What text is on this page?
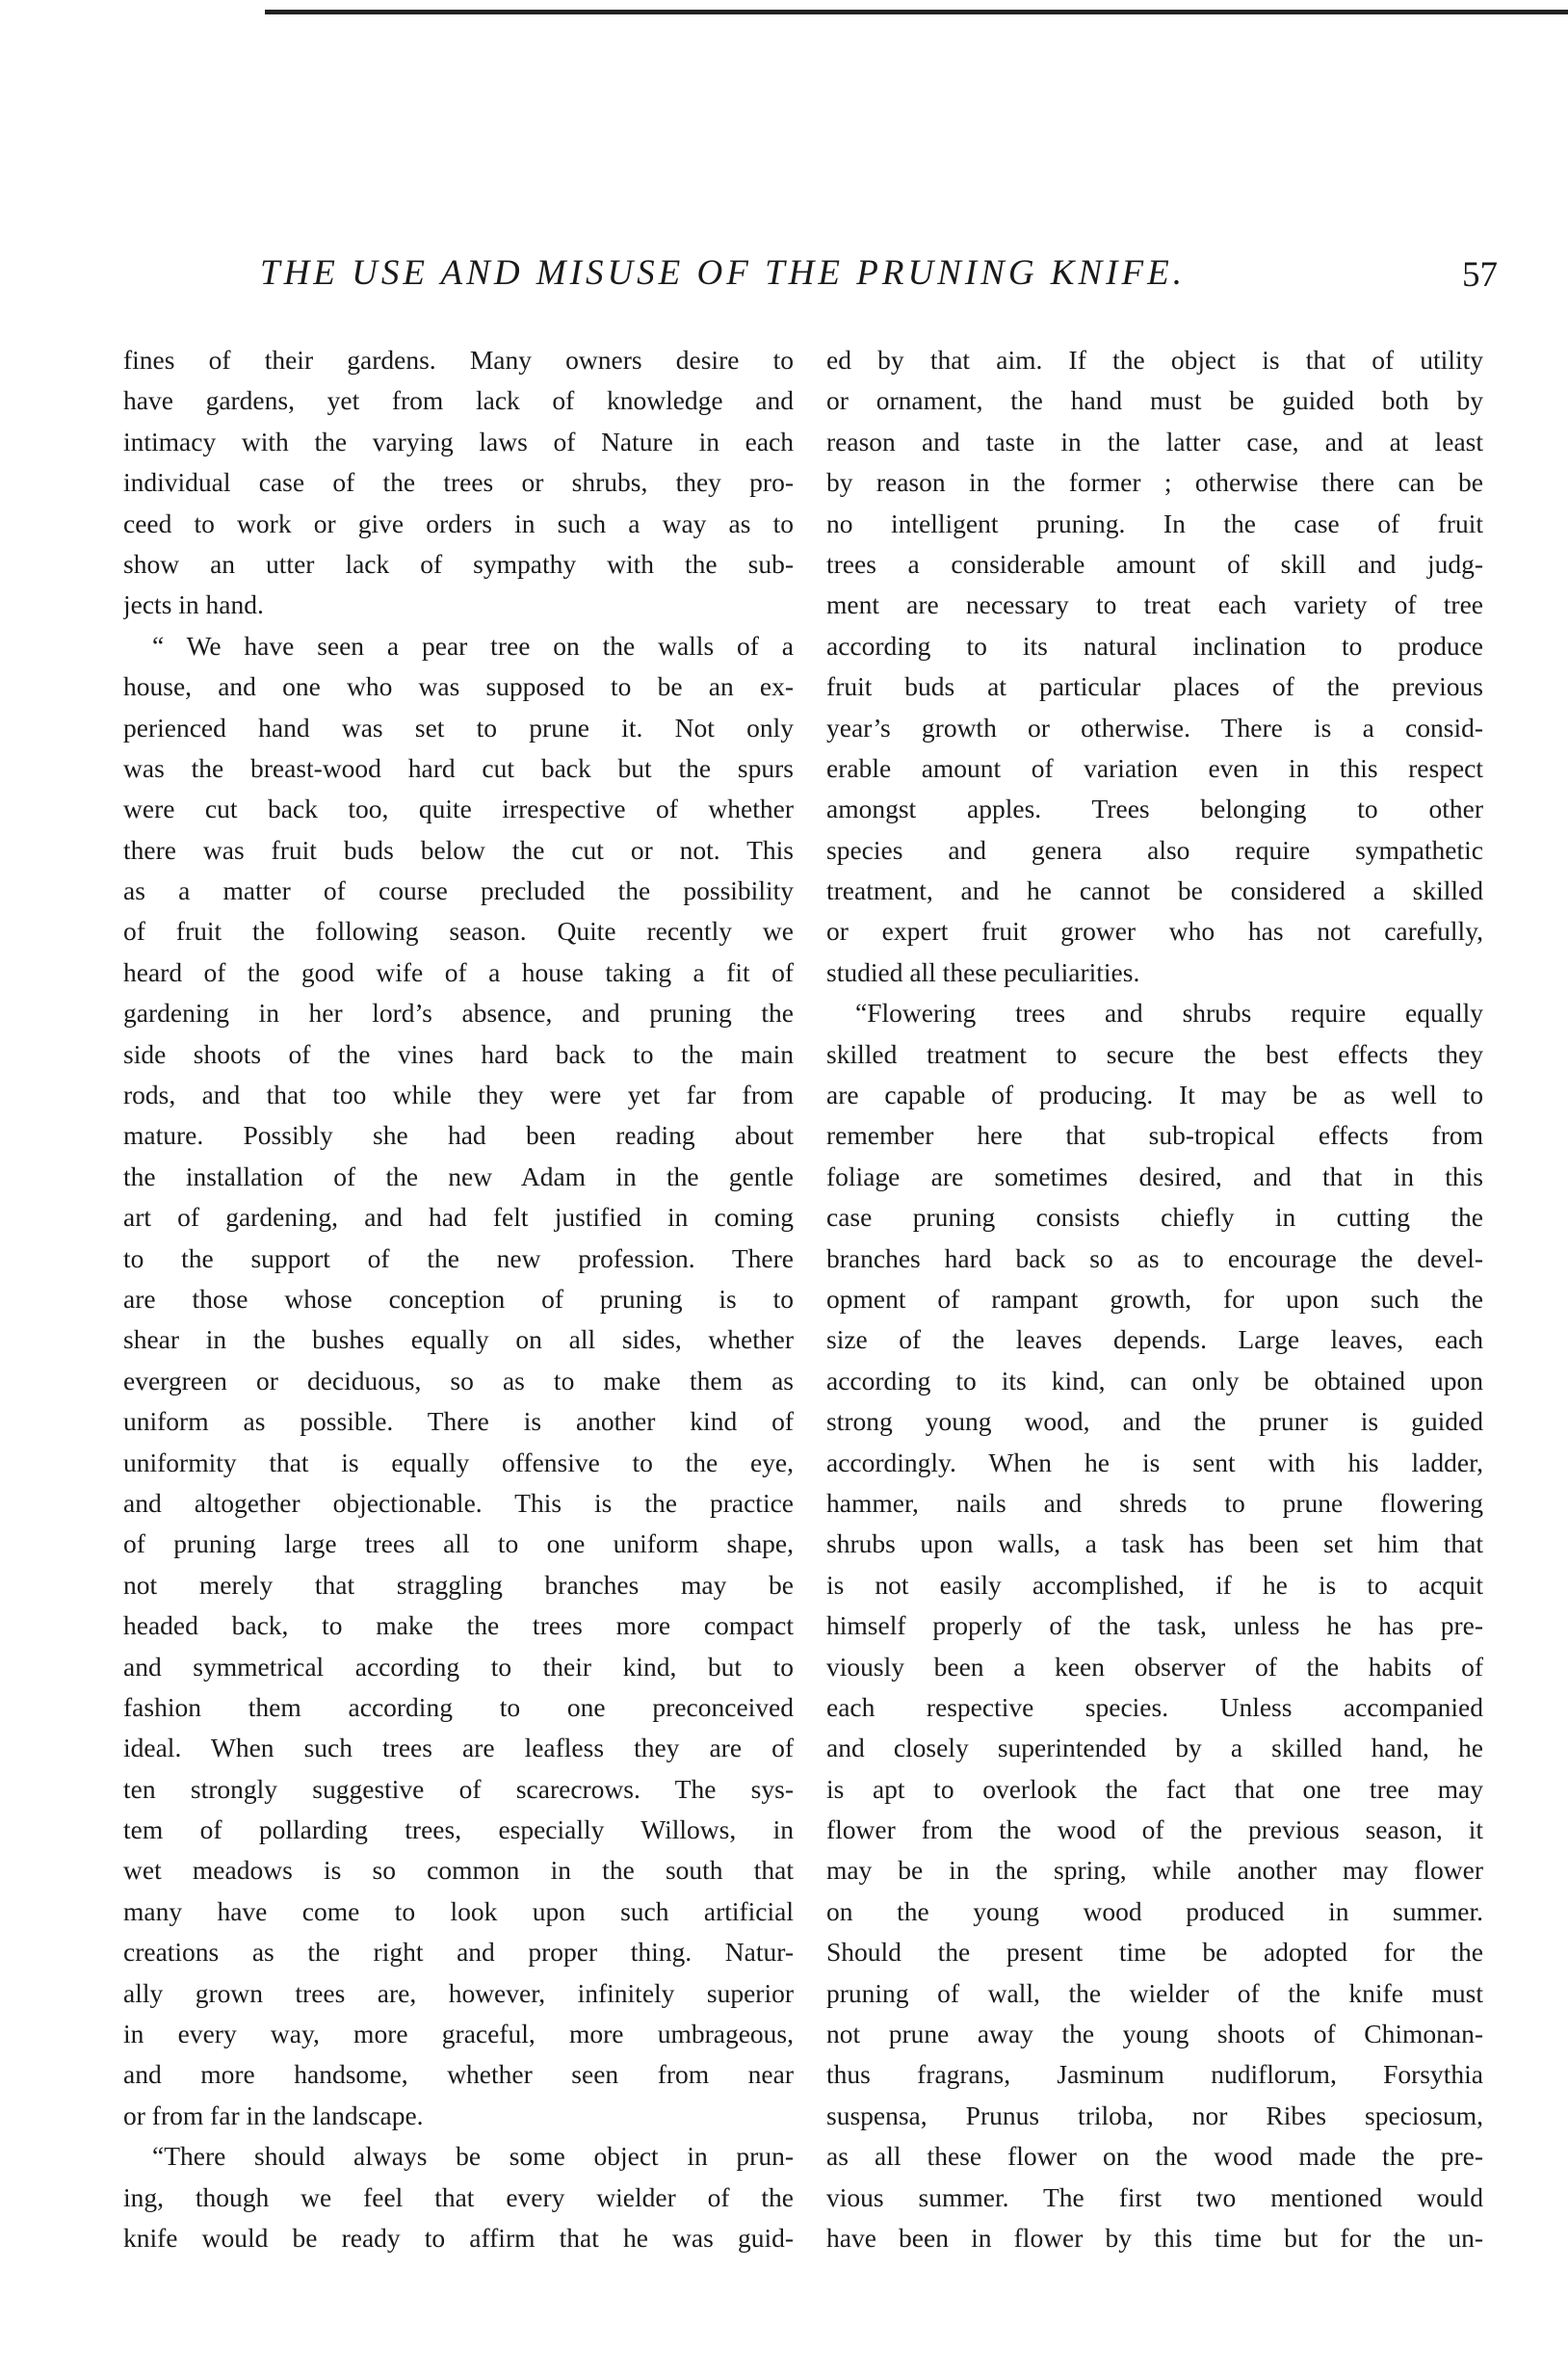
THE USE AND MISUSE OF THE PRUNING KNIFE.	57
fines of their gardens. Many owners desire to
have gardens, yet from lack of knowledge and
intimacy with the varying laws of Nature in each
individual case of the trees or shrubs, they pro-
ceed to work or give orders in such a way as to
show an utter lack of sympathy with the sub-
jects in hand.
“ We have seen a pear tree on the walls of a
house, and one who was supposed to be an ex-
perienced hand was set to prune it. Not only
was the breast-wood hard cut back but the spurs
were cut back too, quite irrespective of whether
there was fruit buds below the cut or not. This
as a matter of course precluded the possibility
of fruit the following season. Quite recently we
heard of the good wife of a house taking a fit of
gardening in her lord’s absence, and pruning the
side shoots of the vines hard back to the main
rods, and that too while they were yet far from
mature. Possibly she had been reading about
the installation of the new Adam in the gentle
art of gardening, and had felt justified in coming
to the support of the new profession. There
are those whose conception of pruning is to
shear in the bushes equally on all sides, whether
evergreen or deciduous, so as to make them as
uniform as possible. There is another kind of
uniformity that is equally offensive to the eye,
and altogether objectionable. This is the practice
of pruning large trees all to one uniform shape,
not merely that straggling branches may be
headed back, to make the trees more compact
and symmetrical according to their kind, but to
fashion them according to one preconceived
ideal. When such trees are leafless they are of
ten strongly suggestive of scarecrows. The sys-
tem of pollarding trees, especially Willows, in
wet meadows is so common in the south that
many have come to look upon such artificial
creations as the right and proper thing. Natur-
ally grown trees are, however, infinitely superior
in every way, more graceful, more umbrageous,
and more handsome, whether seen from near
or from far in the landscape.
“There should always be some object in prun-
ing, though we feel that every wielder of the
knife would be ready to affirm that he was guid-
ed by that aim. If the object is that of utility
or ornament, the hand must be guided both by
reason and taste in the latter case, and at least
by reason in the former ; otherwise there can be
no intelligent pruning. In the case of fruit
trees a considerable amount of skill and judg-
ment are necessary to treat each variety of tree
according to its natural inclination to produce
fruit buds at particular places of the previous
year’s growth or otherwise. There is a consid-
erable amount of variation even in this respect
amongst apples. Trees belonging to other
species and genera also require sympathetic
treatment, and he cannot be considered a skilled
or expert fruit grower who has not carefully,
studied all these peculiarities.
“Flowering trees and shrubs require equally
skilled treatment to secure the best effects they
are capable of producing. It may be as well to
remember here that sub-tropical effects from
foliage are sometimes desired, and that in this
case pruning consists chiefly in cutting the
branches hard back so as to encourage the devel-
opment of rampant growth, for upon such the
size of the leaves depends. Large leaves, each
according to its kind, can only be obtained upon
strong young wood, and the pruner is guided
accordingly. When he is sent with his ladder,
hammer, nails and shreds to prune flowering
shrubs upon walls, a task has been set him that
is not easily accomplished, if he is to acquit
himself properly of the task, unless he has pre-
viously been a keen observer of the habits of
each respective species. Unless accompanied
and closely superintended by a skilled hand, he
is apt to overlook the fact that one tree may
flower from the wood of the previous season, it
may be in the spring, while another may flower
on the young wood produced in summer.
Should the present time be adopted for the
pruning of wall, the wielder of the knife must
not prune away the young shoots of Chimonan-
thus fragrans, Jasminum nudiflorum, Forsythia
suspensa, Prunus triloba, nor Ribes speciosum,
as all these flower on the wood made the pre-
vious summer. The first two mentioned would
have been in flower by this time but for the un-
